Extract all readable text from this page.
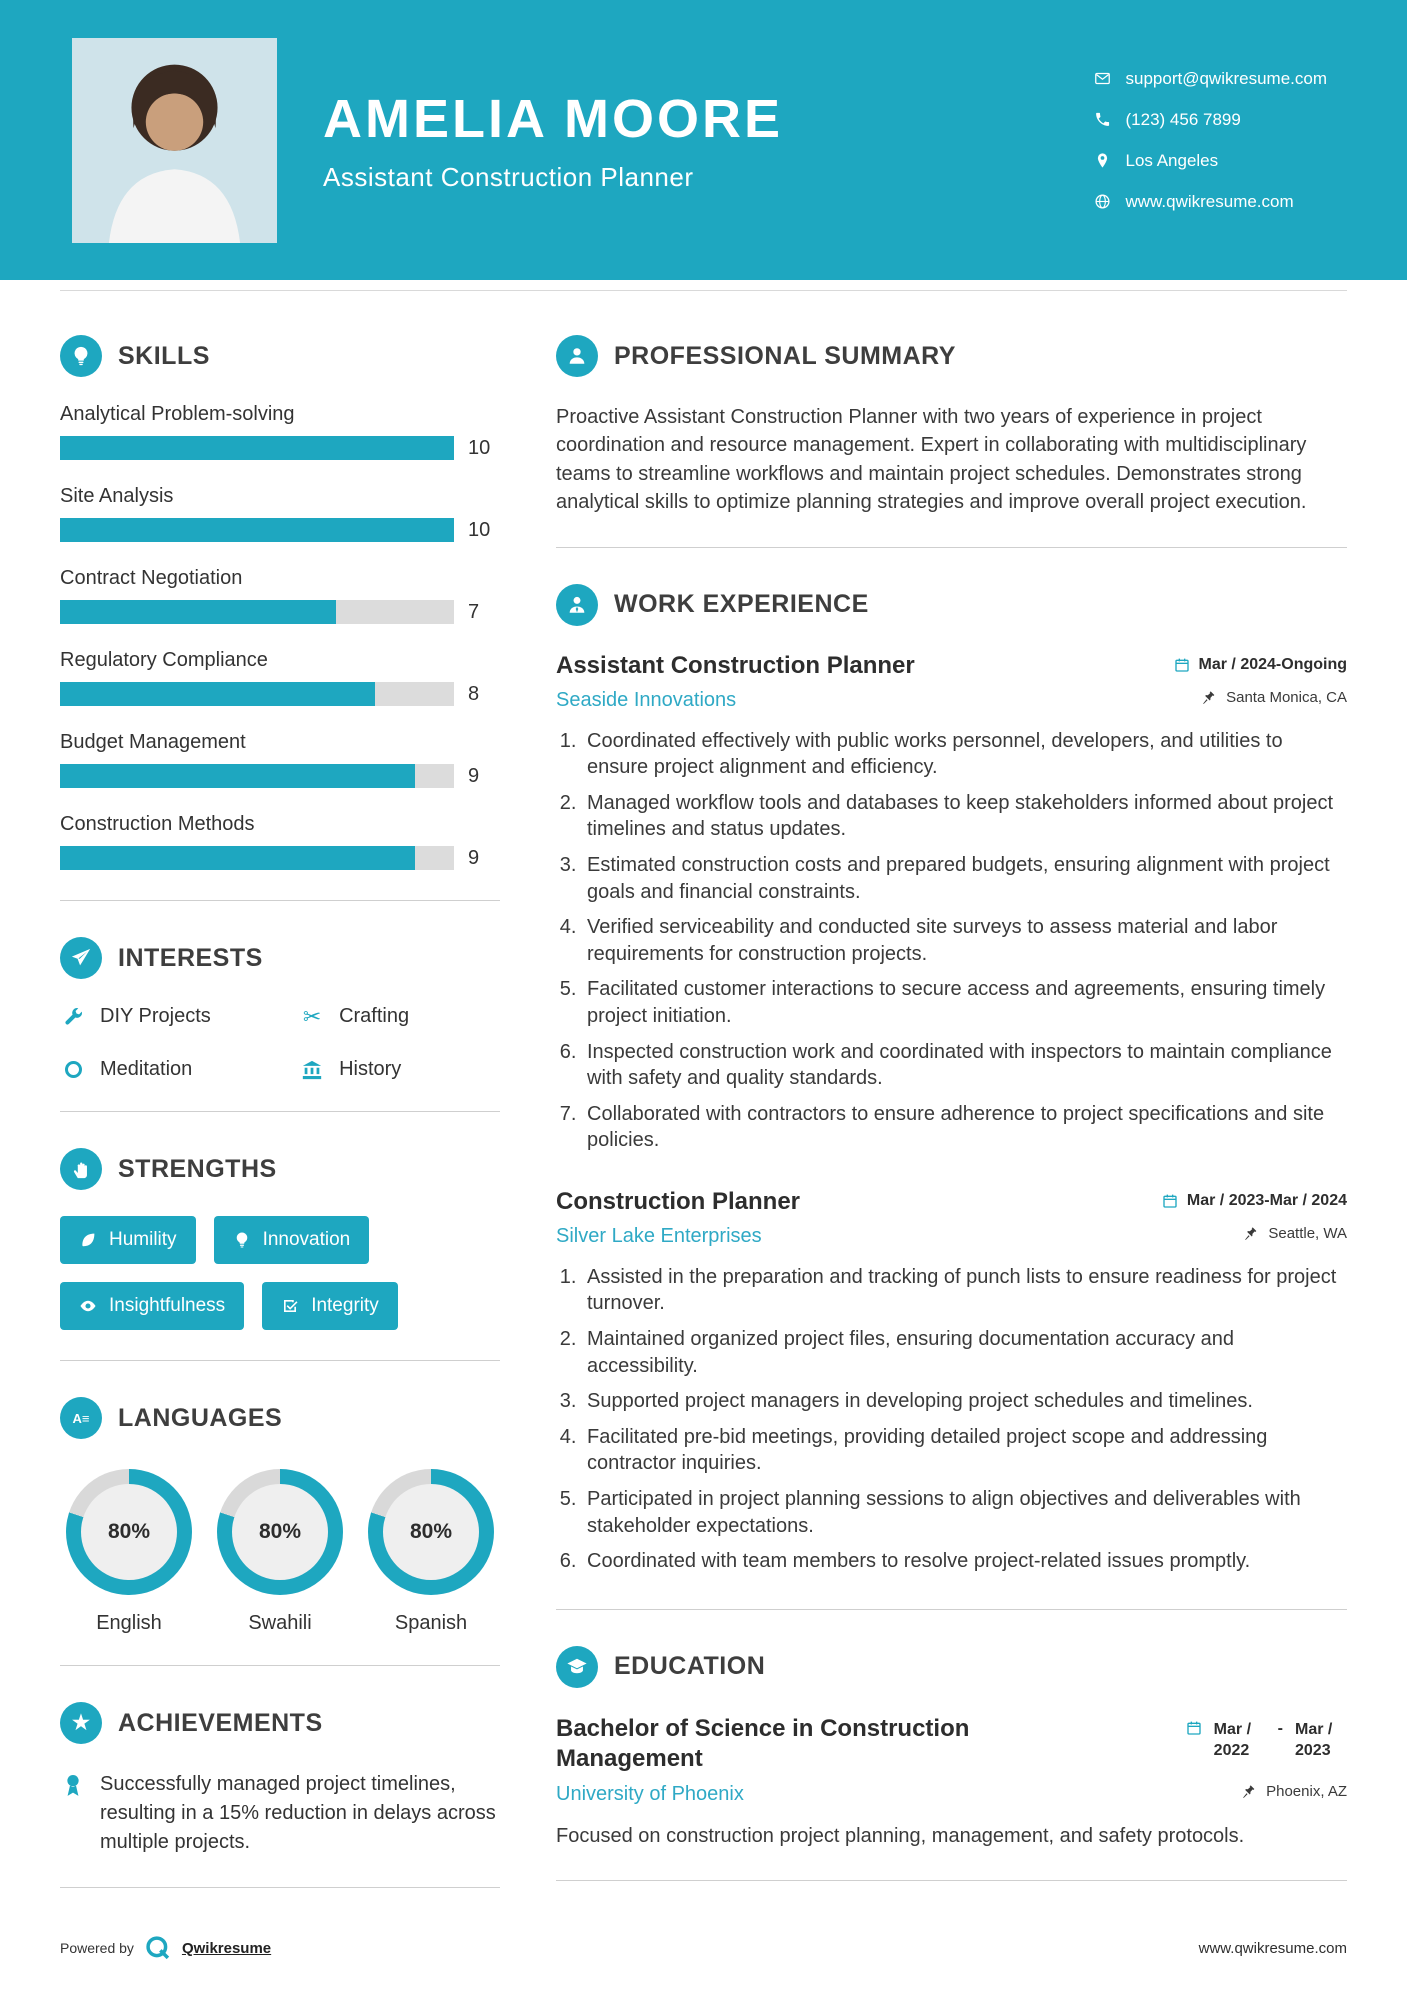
AMELIA MOORE
Assistant Construction Planner
support@qwikresume.com
(123) 456 7899
Los Angeles
www.qwikresume.com
SKILLS
Analytical Problem-solving
10
Site Analysis
10
Contract Negotiation
7
Regulatory Compliance
8
Budget Management
9
Construction Methods
9
INTERESTS
DIY Projects	✂ Crafting
Meditation	History
STRENGTHS
Humility	Innovation
Insightfulness	Integrity
A≡ LANGUAGES
80%
English
80%
Swahili
80%
Spanish
★ ACHIEVEMENTS
Successfully managed project timelines, resulting in a 15% reduction in delays across multiple projects.
PROFESSIONAL SUMMARY

Proactive Assistant Construction Planner with two years of experience in project coordination and resource management. Expert in collaborating with multidisciplinary teams to streamline workflows and maintain project schedules. Demonstrates strong analytical skills to optimize planning strategies and improve overall project execution.

WORK EXPERIENCE
Assistant Construction Planner	Mar / 2024-Ongoing
Seaside Innovations	Santa Monica, CA
1. Coordinated effectively with public works personnel, developers, and utilities to ensure project alignment and efficiency.
2. Managed workflow tools and databases to keep stakeholders informed about project timelines and status updates.
3. Estimated construction costs and prepared budgets, ensuring alignment with project goals and financial constraints.
4. Verified serviceability and conducted site surveys to assess material and labor requirements for construction projects.
5. Facilitated customer interactions to secure access and agreements, ensuring timely project initiation.
6. Inspected construction work and coordinated with inspectors to maintain compliance with safety and quality standards.
7. Collaborated with contractors to ensure adherence to project specifications and site policies.
Construction Planner	Mar / 2023-Mar / 2024
Silver Lake Enterprises	Seattle, WA
1. Assisted in the preparation and tracking of punch lists to ensure readiness for project turnover.
2. Maintained organized project files, ensuring documentation accuracy and accessibility.
3. Supported project managers in developing project schedules and timelines.
4. Facilitated pre-bid meetings, providing detailed project scope and addressing contractor inquiries.
5. Participated in project planning sessions to align objectives and deliverables with stakeholder expectations.
6. Coordinated with team members to resolve project-related issues promptly.
EDUCATION
Bachelor of Science in Construction Management
Mar / 2022
- Mar / 2023
University of Phoenix	Phoenix, AZ

Focused on construction project planning, management, and safety protocols.

Powered by	Qwikresume	www.qwikresume.com
